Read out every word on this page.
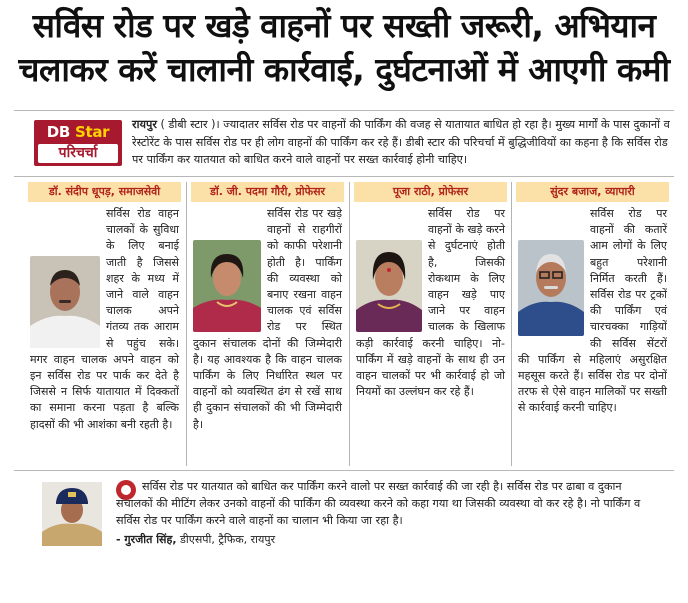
सर्विस रोड पर खड़े वाहनों पर सख्ती जरूरी, अभियान
चलाकर करें चालानी कार्रवाई, दुर्घटनाओं में आएगी कमी
DB Star
परिचर्चा
रायपुर ( डीबी स्टार )। ज्यादातर सर्विस रोड पर वाहनों की पार्किंग की वजह से यातायात बाधित हो रहा है। मुख्य मार्गों के पास दुकानों व रेस्टोरेंट के पास सर्विस रोड पर ही लोग वाहनों की पार्किंग कर रहे हैं। डीबी स्टार की परिचर्चा में बुद्धिजीवियों का कहना है कि सर्विस रोड पर पार्किंग कर यातयात को बाधित करने वाले वाहनों पर सख्त कार्रवाई होनी चाहिए।
डॉ. संदीप धूपड़, समाजसेवी
सर्विस रोड वाहन चालकों के सुविधा के लिए बनाई जाती है जिससे शहर के मध्य में जाने वाले वाहन चालक अपने गंतव्य तक आराम से पहुंच सके। मगर वाहन चालक अपने वाहन को इन सर्विस रोड पर पार्क कर देते है जिससे न सिर्फ यातायात में दिक्कतों का समाना करना पड़ता है बल्कि हादसों की भी आशंका बनी रहती है।
डॉ. जी. पदमा गौरी, प्रोफेसर
सर्विस रोड पर खड़े वाहनों से राहगीरों को काफी परेशानी होती है। पार्किंग की व्यवस्था को बनाए रखना वाहन चालक एवं सर्विस रोड पर स्थित दुकान संचालक दोनों की जिम्मेदारी है। यह आवश्यक है कि वाहन चालक पार्किंग के लिए निर्धारित स्थल पर वाहनों को व्यवस्थित ढंग से रखें साथ ही दुकान संचालकों की भी जिम्मेदारी है।
पूजा राठी, प्रोफेसर
सर्विस रोड पर वाहनों के खड़े करने से दुर्घटनाएं होती है, जिसकी रोकथाम के लिए वाहन खड़े पाए जाने पर वाहन चालक के खिलाफ कड़ी कार्रवाई करनी चाहिए। नो-पार्किंग में खड़े वाहनों के साथ ही उन वाहन चालकों पर भी कार्रवाई हो जो नियमों का उल्लंघन कर रहे हैं।
सुंदर बजाज, व्यापारी
सर्विस रोड पर वाहनों की कतारें आम लोगों के लिए बहुत परेशानी निर्मित करती हैं। सर्विस रोड पर ट्रकों की पार्किंग एवं चारचक्का गाड़ियों की सर्विस सेंटरों की पार्किंग से महिलाएं असुरक्षित महसूस करते हैं। सर्विस रोड पर दोनों तरफ से ऐसे वाहन मालिकों पर सख्ती से कार्रवाई करनी चाहिए।
सर्विस रोड पर यातयात को बाधित कर पार्किंग करने वालो पर सख्त कार्रवाई की जा रही है। सर्विस रोड पर ढाबा व दुकान संचालकों की मीटिंग लेकर उनको वाहनों की पार्किंग की व्यवस्था करने को कहा गया था जिसकी व्यवस्था वो कर रहे है। नो पार्किंग व सर्विस रोड पर पार्किंग करने वाले वाहनों का चालान भी किया जा रहा है।
- गुरजीत सिंह, डीएसपी, ट्रैफिक, रायपुर
